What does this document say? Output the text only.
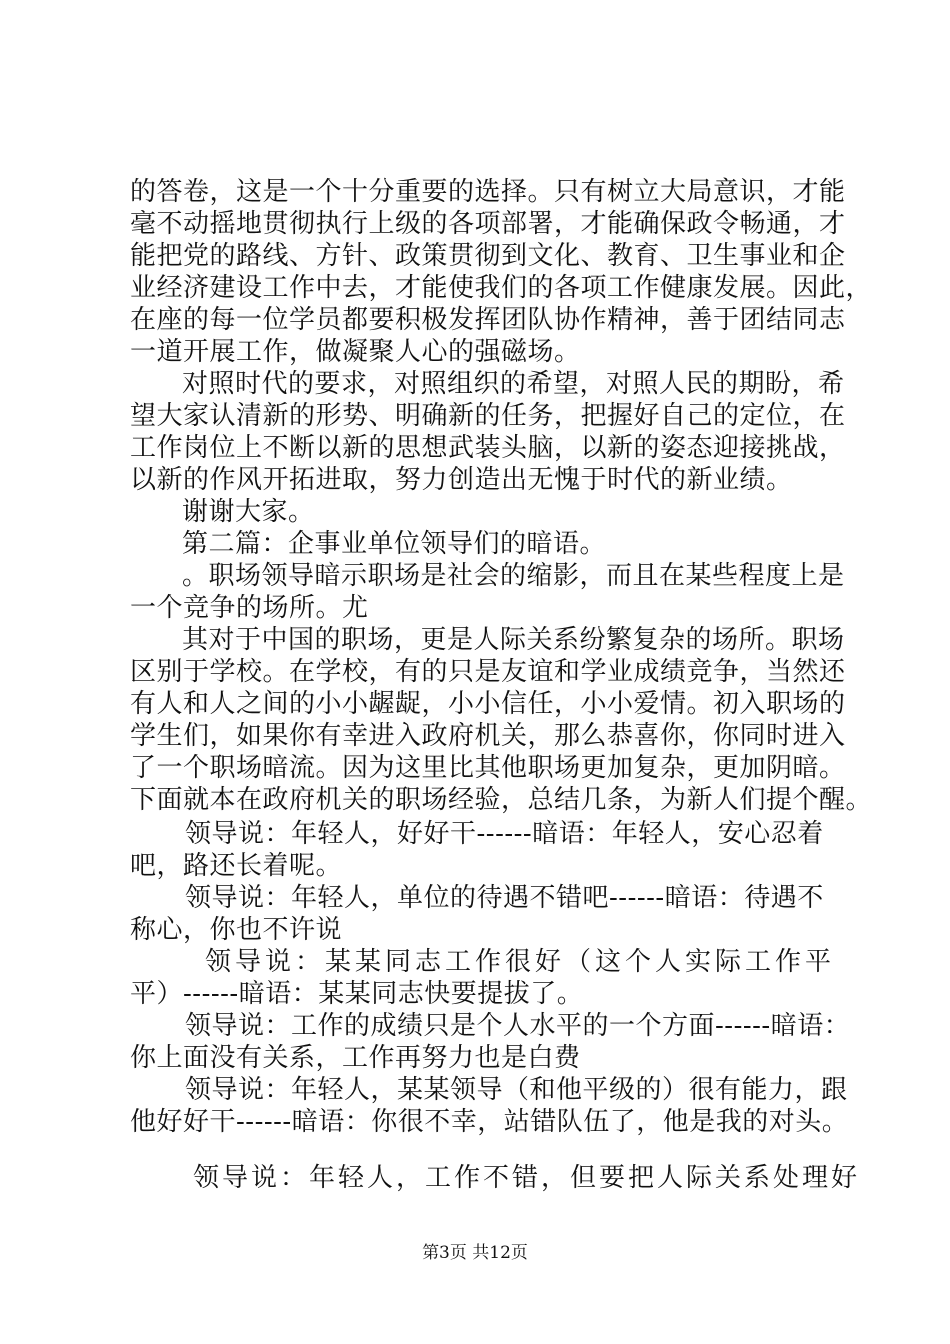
的答卷，这是一个十分重要的选择。只有树立大局意识，才能
毫不动摇地贯彻执行上级的各项部署，才能确保政令畅通，才
能把党的路线、方针、政策贯彻到文化、教育、卫生事业和企
业经济建设工作中去，才能使我们的各项工作健康发展。因此，
在座的每一位学员都要积极发挥团队协作精神，善于团结同志
一道开展工作，做凝聚人心的强磁场。
对照时代的要求，对照组织的希望，对照人民的期盼，希
望大家认清新的形势、明确新的任务，把握好自己的定位，在
工作岗位上不断以新的思想武装头脑，以新的姿态迎接挑战，
以新的作风开拓进取，努力创造出无愧于时代的新业绩。
谢谢大家。
第二篇：企事业单位领导们的暗语。
。职场领导暗示职场是社会的缩影，而且在某些程度上是
一个竞争的场所。尤
其对于中国的职场，更是人际关系纷繁复杂的场所。职场
区别于学校。在学校，有的只是友谊和学业成绩竞争，当然还
有人和人之间的小小龌龊，小小信任，小小爱情。初入职场的
学生们，如果你有幸进入政府机关，那么恭喜你，你同时进入
了一个职场暗流。因为这里比其他职场更加复杂，更加阴暗。
下面就本在政府机关的职场经验，总结几条，为新人们提个醒。
领导说：年轻人，好好干------暗语：年轻人，安心忍着
吧，路还长着呢。
领导说：年轻人，单位的待遇不错吧------暗语：待遇不
称心，你也不许说
领导说：某某同志工作很好（这个人实际工作平
平）------暗语：某某同志快要提拔了。
领导说：工作的成绩只是个人水平的一个方面------暗语：
你上面没有关系，工作再努力也是白费
领导说：年轻人，某某领导（和他平级的）很有能力，跟
他好好干------暗语：你很不幸，站错队伍了，他是我的对头。
领导说：年轻人，工作不错，但要把人际关系处理好
第3页 共12页
